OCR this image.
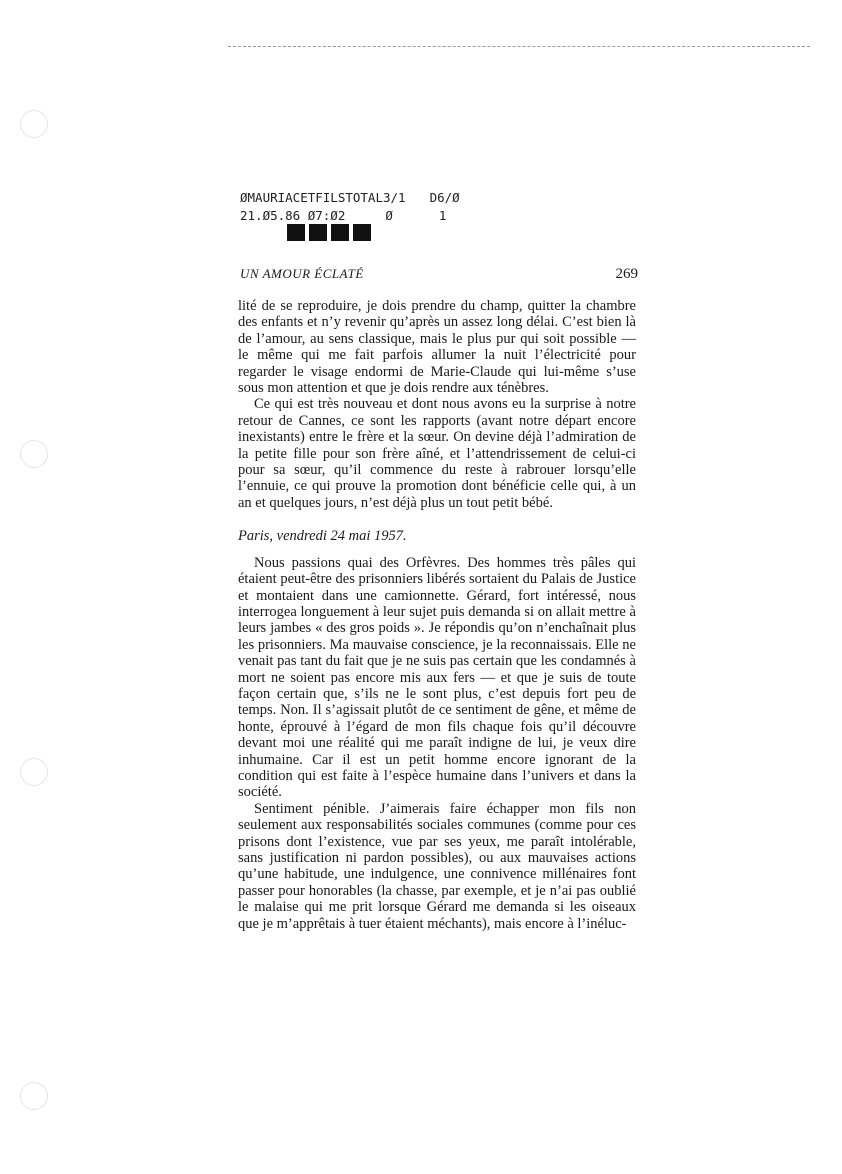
ØMAURIACETFILSTOTAL3/1 D6/Ø
21.Ø5.86 Ø7:Ø2	Ø	1
UN AMOUR ÉCLATÉ	269

lité de se reproduire, je dois prendre du champ, quitter la chambre des enfants et n’y revenir qu’après un assez long délai. C’est bien là de l’amour, au sens classique, mais le plus pur qui soit possible — le même qui me fait parfois allumer la nuit l’électricité pour regarder le visage endormi de Marie-Claude qui lui-même s’use sous mon attention et que je dois rendre aux ténèbres.

Ce qui est très nouveau et dont nous avons eu la surprise à notre retour de Cannes, ce sont les rapports (avant notre départ encore inexistants) entre le frère et la sœur. On devine déjà l’admiration de la petite fille pour son frère aîné, et l’attendrissement de celui-ci pour sa sœur, qu’il commence du reste à rabrouer lorsqu’elle l’ennuie, ce qui prouve la promotion dont bénéficie celle qui, à un an et quelques jours, n’est déjà plus un tout petit bébé.

Paris, vendredi 24 mai 1957.

Nous passions quai des Orfèvres. Des hommes très pâles qui étaient peut-être des prisonniers libérés sortaient du Palais de Justice et montaient dans une camionnette. Gérard, fort intéressé, nous interrogea longuement à leur sujet puis demanda si on allait mettre à leurs jambes « des gros poids ». Je répondis qu’on n’enchaînait plus les prisonniers. Ma mauvaise conscience, je la reconnaissais. Elle ne venait pas tant du fait que je ne suis pas certain que les condamnés à mort ne soient pas encore mis aux fers — et que je suis de toute façon certain que, s’ils ne le sont plus, c’est depuis fort peu de temps. Non. Il s’agissait plutôt de ce sentiment de gêne, et même de honte, éprouvé à l’égard de mon fils chaque fois qu’il découvre devant moi une réalité qui me paraît indigne de lui, je veux dire inhumaine. Car il est un petit homme encore ignorant de la condition qui est faite à l’espèce humaine dans l’univers et dans la société.

Sentiment pénible. J’aimerais faire échapper mon fils non seulement aux responsabilités sociales communes (comme pour ces prisons dont l’existence, vue par ses yeux, me paraît intolérable, sans justification ni pardon possibles), ou aux mauvaises actions qu’une habitude, une indulgence, une connivence millénaires font passer pour honorables (la chasse, par exemple, et je n’ai pas oublié le malaise qui me prit lorsque Gérard me demanda si les oiseaux que je m’apprêtais à tuer étaient méchants), mais encore à l’inéluc-
